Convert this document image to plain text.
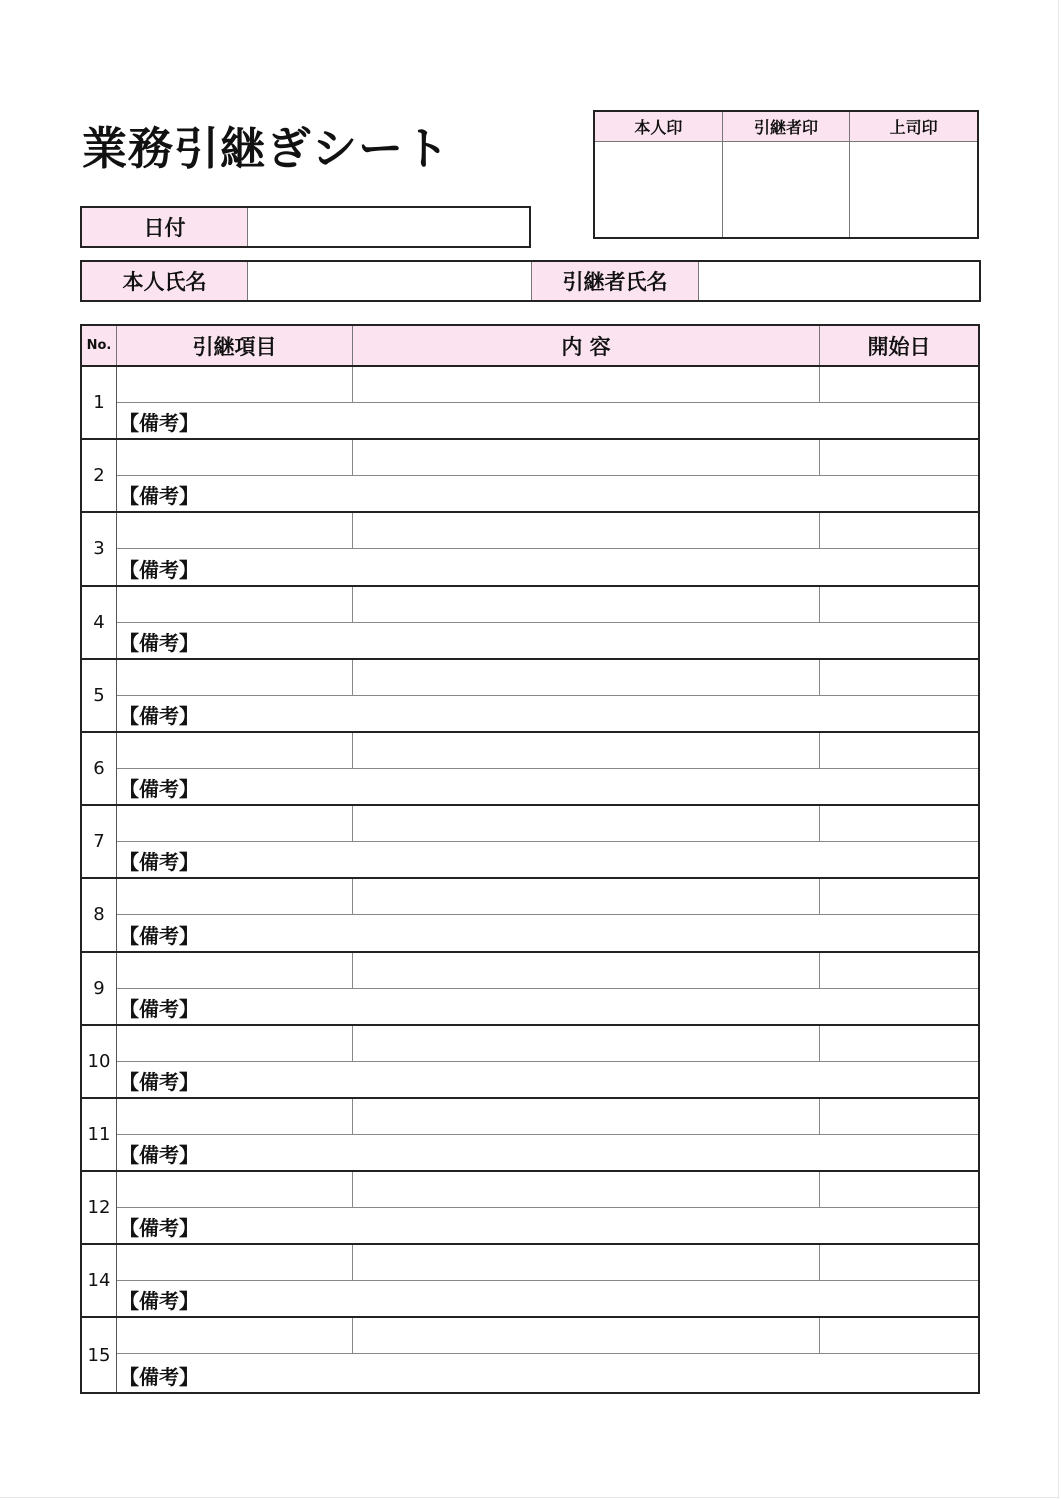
業務引継ぎシート	本人印	引継者印	上司印
日付
本人氏名	引継者氏名
No.	引継項目	内 容	開始日
1
【備考】
2
【備考】
3
【備考】
4
【備考】
5
【備考】
6
【備考】
7
【備考】
8
【備考】
9
【備考】
10
【備考】
11
【備考】
12
【備考】
14
【備考】
15
【備考】
